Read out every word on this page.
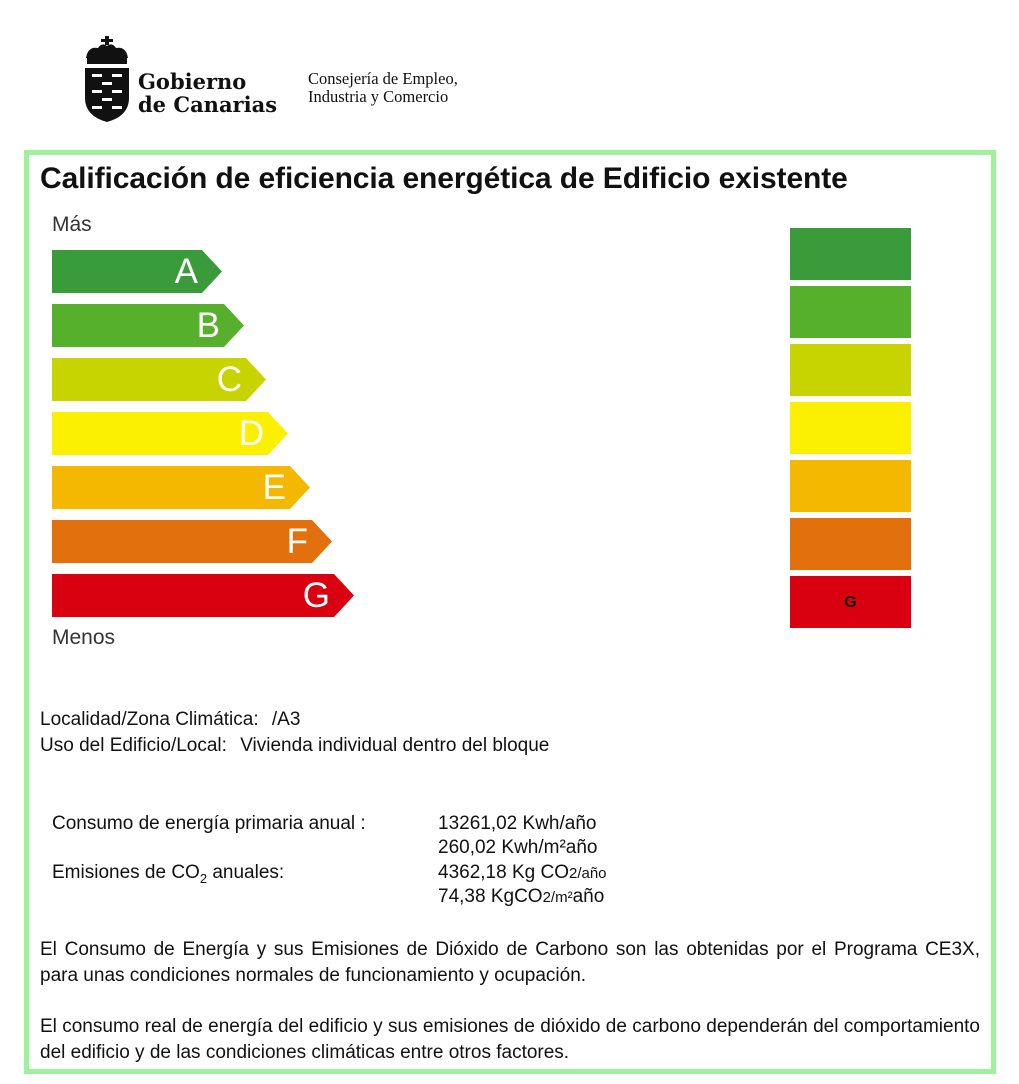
Gobierno
de Canarias
Consejería de Empleo,
Industria y Comercio
Calificación de eficiencia energética de Edificio existente
Más
Menos
A
B
C
D
E
F
G	G
Localidad/Zona Climática: /A3
Uso del Edificio/Local: Vivienda individual dentro del bloque
Consumo de energía primaria anual :	13261,02 Kwh/año
260,02 Kwh/m²año
Emisiones de $CO_2$ anuales:	4362,18 Kg CO2/año
74,38 KgCO2/m²año
El Consumo de Energía y sus Emisiones de Dióxido de Carbono son las obtenidas por el Programa CE3X, para unas condiciones normales de funcionamiento y ocupación.
El consumo real de energía del edificio y sus emisiones de dióxido de carbono dependerán del comportamiento del edificio y de las condiciones climáticas entre otros factores.
